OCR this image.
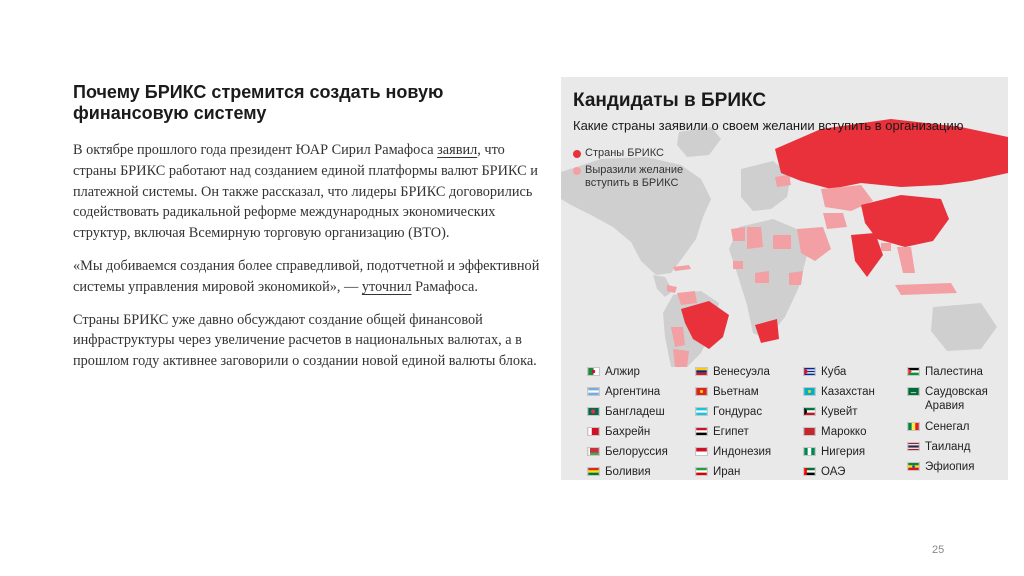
Почему БРИКС стремится создать новую финансовую систему

В октябре прошлого года президент ЮАР Сирил Рамафоса заявил, что страны БРИКС работают над созданием единой платформы валют БРИКС и платежной системы. Он также рассказал, что лидеры БРИКС договорились содействовать радикальной реформе международных экономических структур, включая Всемирную торговую организацию (ВТО).

«Мы добиваемся создания более справедливой, подотчетной и эффективной системы управления мировой экономикой», — уточнил Рамафоса.

Страны БРИКС уже давно обсуждают создание общей финансовой инфраструктуры через увеличение расчетов в национальных валютах, а в прошлом году активнее заговорили о создании новой единой валюты блока.

Кандидаты в БРИКС
Какие страны заявили о своем желании вступить в организацию
Страны БРИКС
Выразили желание вступить в БРИКС
Алжир
Аргентина
Бангладеш
Бахрейн
Белоруссия
Боливия
Венесуэла
Вьетнам
Гондурас
Египет
Индонезия
Иран
Куба
Казахстан
Кувейт
Марокко
Нигерия
ОАЭ
Палестина
Саудовская Аравия
Сенегал
Таиланд
Эфиопия
25
